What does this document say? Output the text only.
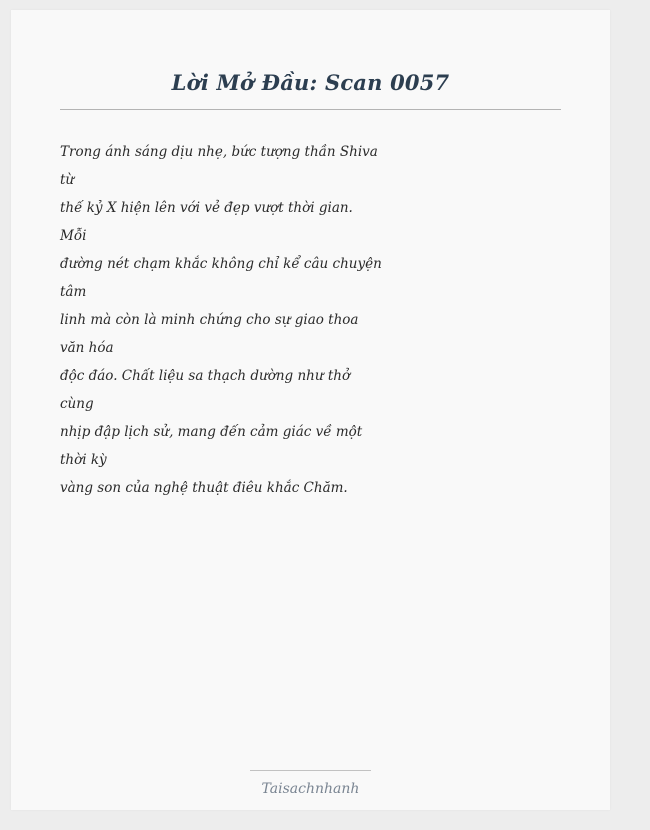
Lời Mở Đầu: Scan 0057
Trong ánh sáng dịu nhẹ, bức tượng thần Shiva
từ
thế kỷ X hiện lên với vẻ đẹp vượt thời gian.
Mỗi
đường nét chạm khắc không chỉ kể câu chuyện
tâm
linh mà còn là minh chứng cho sự giao thoa
văn hóa
độc đáo. Chất liệu sa thạch dường như thở
cùng
nhịp đập lịch sử, mang đến cảm giác về một
thời kỳ
vàng son của nghệ thuật điêu khắc Chăm.
Taisachnhanh
